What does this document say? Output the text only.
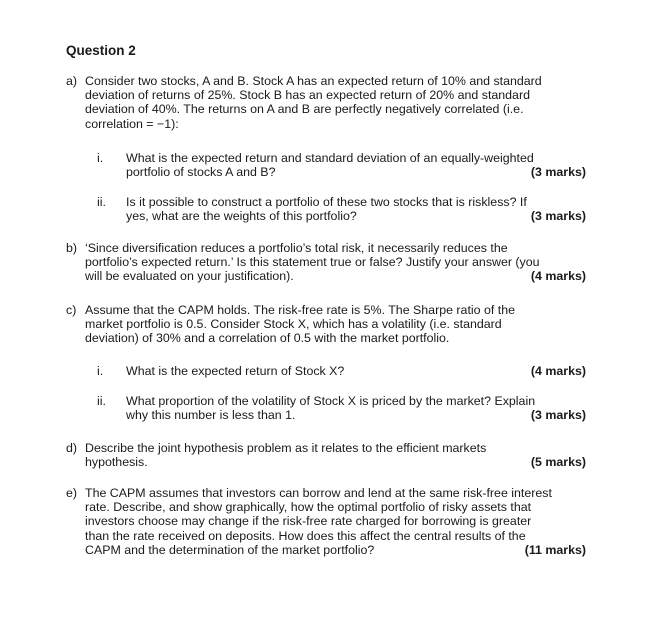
Question 2
a) Consider two stocks, A and B. Stock A has an expected return of 10% and standard
deviation of returns of 25%. Stock B has an expected return of 20% and standard
deviation of 40%. The returns on A and B are perfectly negatively correlated (i.e.
correlation = −1):
i.	What is the expected return and standard deviation of an equally-weighted
portfolio of stocks A and B?	(3 marks)
ii.	Is it possible to construct a portfolio of these two stocks that is riskless? If
yes, what are the weights of this portfolio?	(3 marks)
b) ‘Since diversification reduces a portfolio’s total risk, it necessarily reduces the
portfolio’s expected return.’ Is this statement true or false? Justify your answer (you
will be evaluated on your justification).	(4 marks)
c) Assume that the CAPM holds. The risk-free rate is 5%. The Sharpe ratio of the
market portfolio is 0.5. Consider Stock X, which has a volatility (i.e. standard
deviation) of 30% and a correlation of 0.5 with the market portfolio.
i.	What is the expected return of Stock X?	(4 marks)
ii.	What proportion of the volatility of Stock X is priced by the market? Explain
why this number is less than 1.	(3 marks)
d) Describe the joint hypothesis problem as it relates to the efficient markets
hypothesis.	(5 marks)
e) The CAPM assumes that investors can borrow and lend at the same risk-free interest
rate. Describe, and show graphically, how the optimal portfolio of risky assets that
investors choose may change if the risk-free rate charged for borrowing is greater
than the rate received on deposits. How does this affect the central results of the
CAPM and the determination of the market portfolio?	(11 marks)
